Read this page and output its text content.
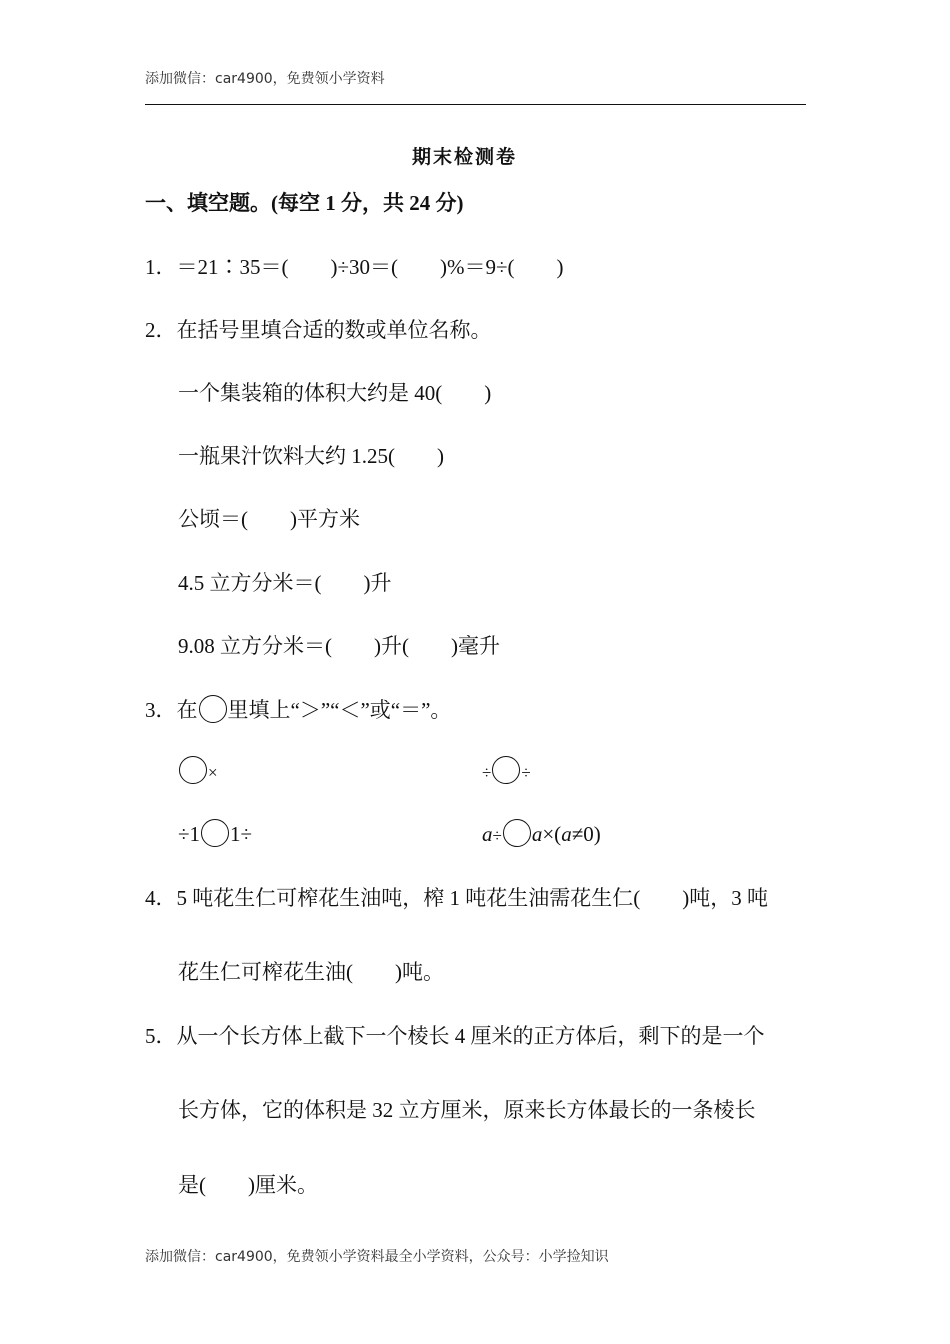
添加微信：car4900，免费领小学资料
期末检测卷
一、填空题。(每空 1 分，共 24 分)
1．＝21∶35＝(　　)÷30＝(　　)%＝9÷(　　)
2．在括号里填合适的数或单位名称。
一个集装箱的体积大约是 40(　　)
一瓶果汁饮料大约 1.25(　　)
公顷＝(　　)平方米
4.5 立方分米＝(　　)升
9.08 立方分米＝(　　)升(　　)毫升
3．在 里填上“＞”“＜”或“＝”。
×	÷ ÷
÷1 1÷	a÷ a×(a≠0)
4．5 吨花生仁可榨花生油吨，榨 1 吨花生油需花生仁(　　)吨，3 吨
花生仁可榨花生油(　　)吨。
5．从一个长方体上截下一个棱长 4 厘米的正方体后，剩下的是一个
长方体，它的体积是 32 立方厘米，原来长方体最长的一条棱长
是(　　)厘米。
添加微信：car4900，免费领小学资料最全小学资料，公众号：小学捡知识
